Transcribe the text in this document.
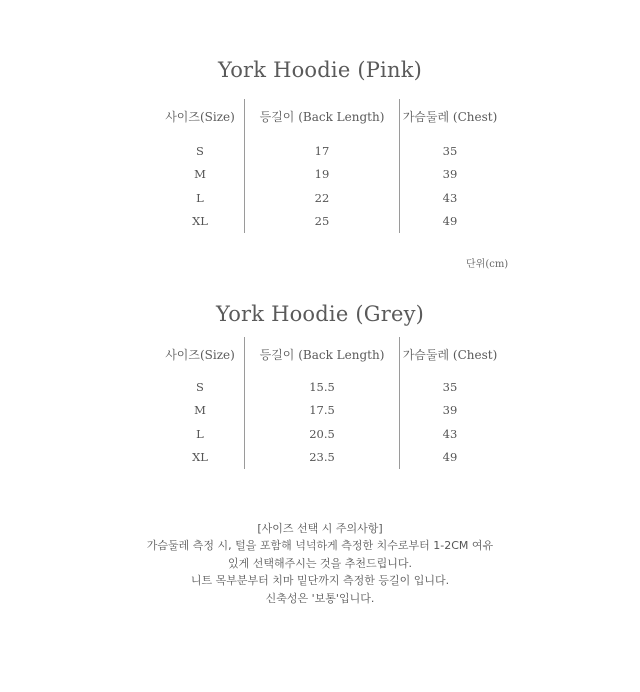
York Hoodie (Pink)
사이즈(Size)
S
M
L
XL
등길이 (Back Length)
17
19
22
25
가슴둘레 (Chest)
35
39
43
49
단위(cm)
York Hoodie (Grey)
사이즈(Size)
S
M
L
XL
등길이 (Back Length)
15.5
17.5
20.5
23.5
가슴둘레 (Chest)
35
39
43
49
[사이즈 선택 시 주의사항]
가슴둘레 측정 시, 털을 포함해 넉넉하게 측정한 치수로부터 1-2CM 여유
있게 선택해주시는 것을 추천드립니다.
니트 목부분부터 치마 밑단까지 측정한 등길이 입니다.
신축성은 '보통'입니다.
